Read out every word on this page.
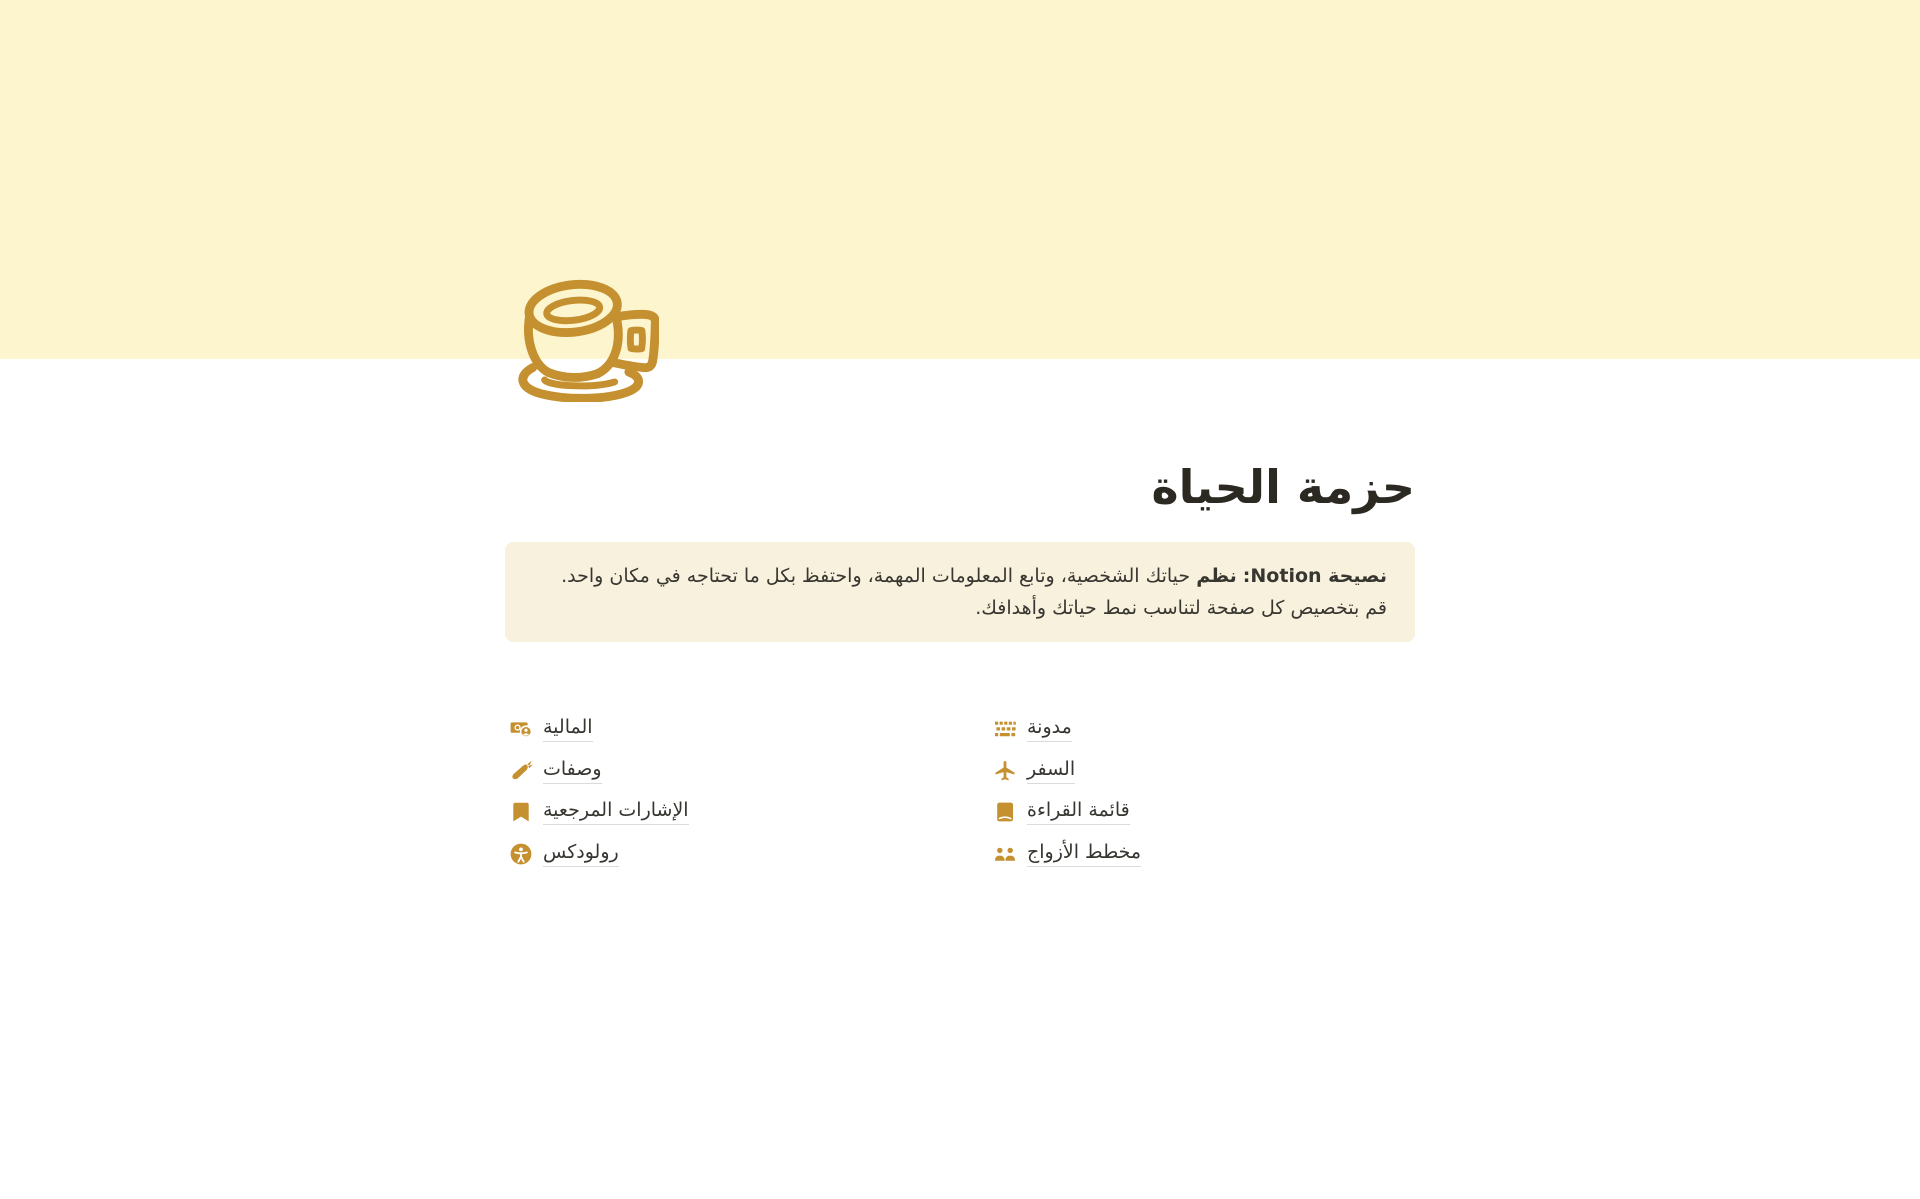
حزمة الحياة
نصيحة Notion: نظم حياتك الشخصية، وتابع المعلومات المهمة، واحتفظ بكل ما تحتاجه في مكان واحد.
قم بتخصيص كل صفحة لتناسب نمط حياتك وأهدافك.
مدونة
السفر
قائمة القراءة
مخطط الأزواج
المالية
وصفات
الإشارات المرجعية
رولودكس
